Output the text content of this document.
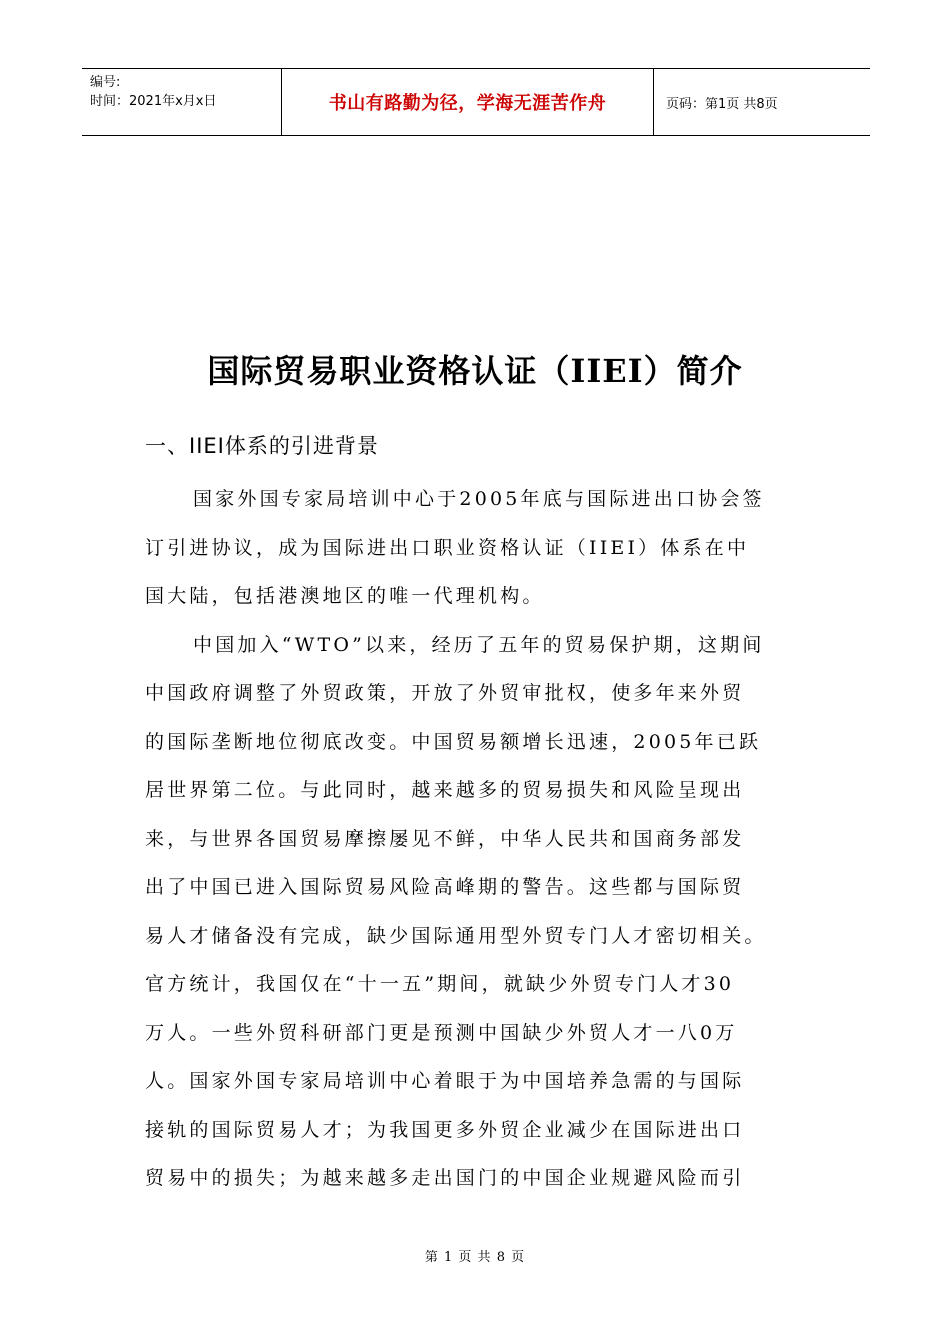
编号:
时间：2021年x月x日	书山有路勤为径，学海无涯苦作舟	页码：第1页 共8页
国际贸易职业资格认证（IIEI）简介
一、IIEI体系的引进背景
国家外国专家局培训中心于2005年底与国际进出口协会签
订引进协议，成为国际进出口职业资格认证（IIEI）体系在中
国大陆，包括港澳地区的唯一代理机构。
中国加入“WTO”以来，经历了五年的贸易保护期，这期间
中国政府调整了外贸政策，开放了外贸审批权，使多年来外贸
的国际垄断地位彻底改变。中国贸易额增长迅速，2005年已跃
居世界第二位。与此同时，越来越多的贸易损失和风险呈现出
来，与世界各国贸易摩擦屡见不鲜，中华人民共和国商务部发
出了中国已进入国际贸易风险高峰期的警告。这些都与国际贸
易人才储备没有完成，缺少国际通用型外贸专门人才密切相关。
官方统计，我国仅在“十一五”期间，就缺少外贸专门人才30
万人。一些外贸科研部门更是预测中国缺少外贸人才一八0万
人。国家外国专家局培训中心着眼于为中国培养急需的与国际
接轨的国际贸易人才；为我国更多外贸企业减少在国际进出口
贸易中的损失；为越来越多走出国门的中国企业规避风险而引
第 1 页 共 8 页
